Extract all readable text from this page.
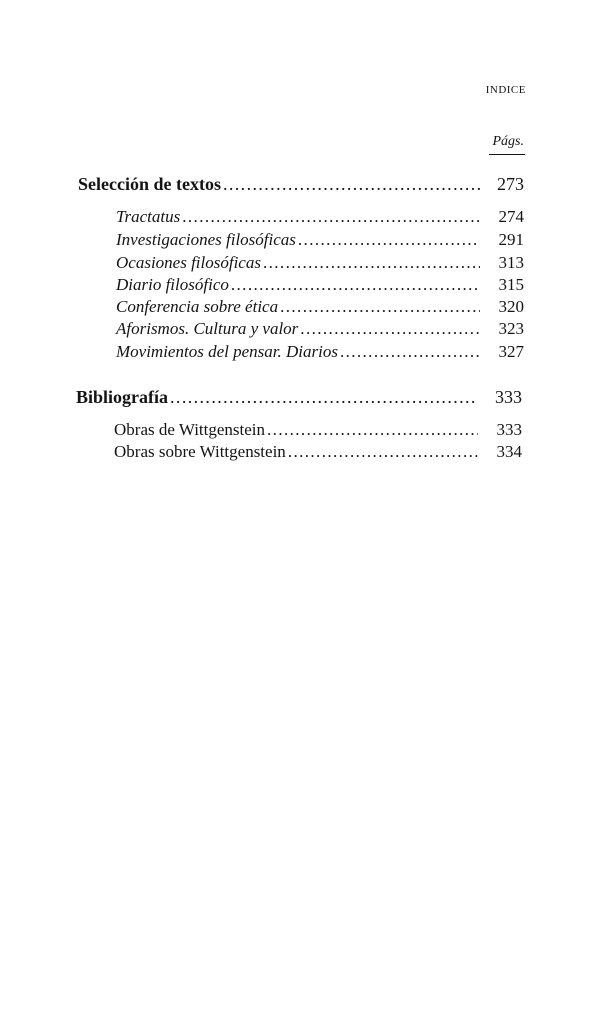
INDICE
Págs.
Selección de textos .....	273
Tractatus .....	274
Investigaciones filosóficas .....	291
Ocasiones filosóficas .....	313
Diario filosófico .....	315
Conferencia sobre ética .....	320
Aforismos. Cultura y valor .....	323
Movimientos del pensar. Diarios .....	327
Bibliografía .....	333
Obras de Wittgenstein .....	333
Obras sobre Wittgenstein .....	334
